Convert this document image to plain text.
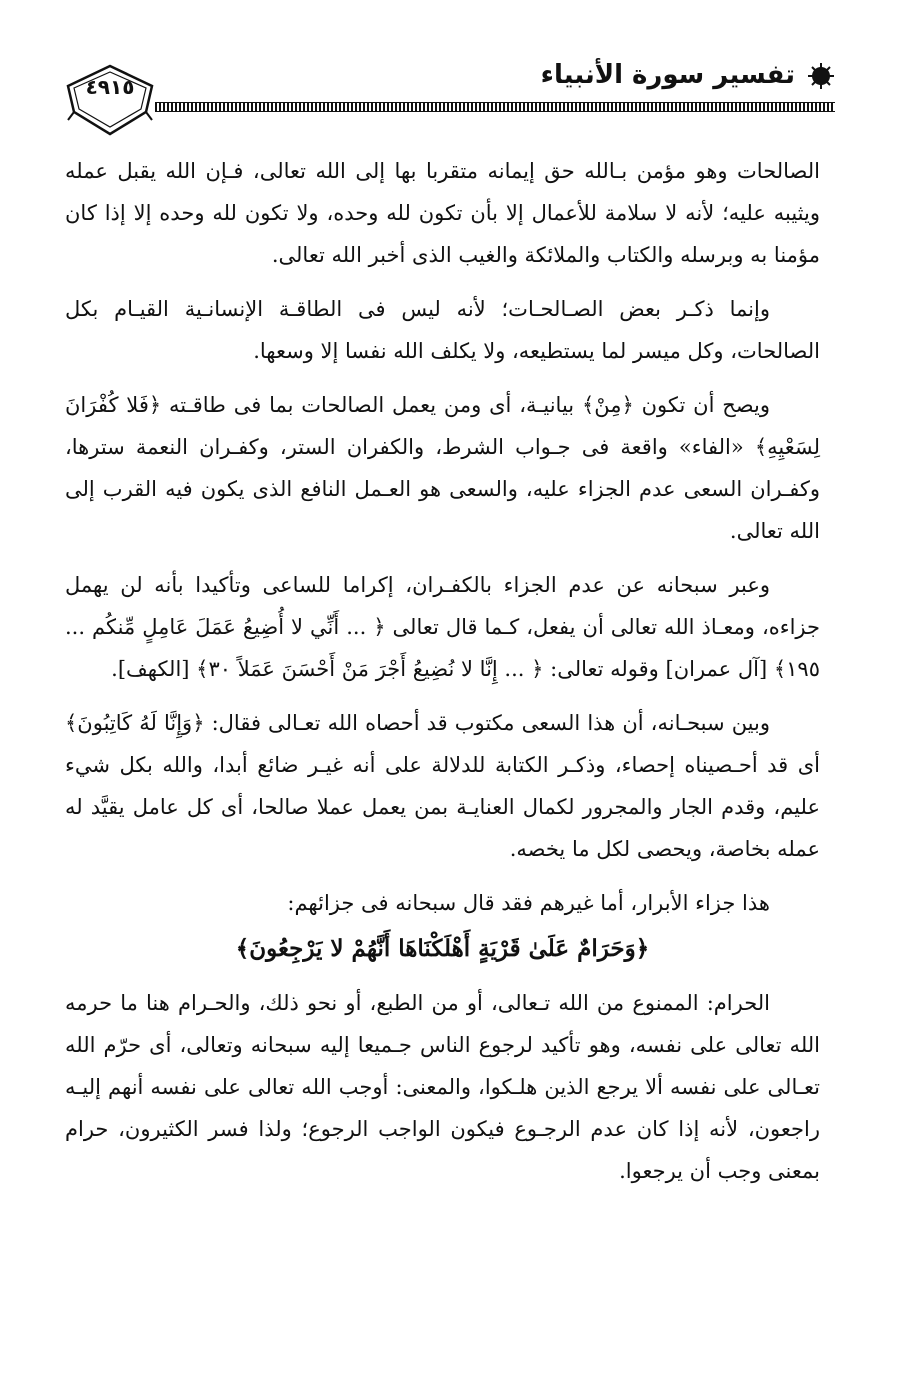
٤٩١٥	تفسير سورة الأنبياء

الصالحات وهو مؤمن بـالله حق إيمانه متقربا بها إلى الله تعالى، فـإن الله يقبل عمله ويثيبه عليه؛ لأنه لا سلامة للأعمال إلا بأن تكون لله وحده، ولا تكون لله وحده إلا إذا كان مؤمنا به وبرسله والكتاب والملائكة والغيب الذى أخبر الله تعالى.

وإنما ذكـر بعض الصـالحـات؛ لأنه ليس فى الطاقـة الإنسانـية القيـام بكل الصالحات، وكل ميسر لما يستطيعه، ولا يكلف الله نفسا إلا وسعها.

ويصح أن تكون ﴿مِنْ﴾ بيانيـة، أى ومن يعمل الصالحات بما فى طاقـته ﴿فَلا كُفْرَانَ لِسَعْيِهِ﴾ «الفاء» واقعة فى جـواب الشرط، والكفران الستر، وكفـران النعمة سترها، وكفـران السعى عدم الجزاء عليه، والسعى هو العـمل النافع الذى يكون فيه القرب إلى الله تعالى.

وعبر سبحانه عن عدم الجزاء بالكفـران، إكراما للساعى وتأكيدا بأنه لن يهمل جزاءه، ومعـاذ الله تعالى أن يفعل، كـما قال تعالى ﴿ ... أَنِّي لا أُضِيعُ عَمَلَ عَامِلٍ مِّنكُم ... ١٩٥﴾ [آل عمران] وقوله تعالى: ﴿ ... إِنَّا لا نُضِيعُ أَجْرَ مَنْ أَحْسَنَ عَمَلاً ٣٠﴾ [الكهف].

وبين سبحـانه، أن هذا السعى مكتوب قد أحصاه الله تعـالى فقال: ﴿وَإِنَّا لَهُ كَاتِبُونَ﴾ أى قد أحـصيناه إحصاء، وذكـر الكتابة للدلالة على أنه غيـر ضائع أبدا، والله بكل شيء عليم، وقدم الجار والمجرور لكمال العنايـة بمن يعمل عملا صالحا، أى كل عامل يقيَّد له عمله بخاصة، ويحصى لكل ما يخصه.

هذا جزاء الأبرار، أما غيرهم فقد قال سبحانه فى جزائهم:

﴿وَحَرَامٌ عَلَىٰ قَرْيَةٍ أَهْلَكْنَاهَا أَنَّهُمْ لا يَرْجِعُونَ﴾

الحرام: الممنوع من الله تـعالى، أو من الطبع، أو نحو ذلك، والحـرام هنا ما حرمه الله تعالى على نفسه، وهو تأكيد لرجوع الناس جـميعا إليه سبحانه وتعالى، أى حرّم الله تعـالى على نفسه ألا يرجع الذين هلـكوا، والمعنى: أوجب الله تعالى على نفسه أنهم إليـه راجعون، لأنه إذا كان عدم الرجـوع فيكون الواجب الرجوع؛ ولذا فسر الكثيرون، حرام بمعنى وجب أن يرجعوا.
